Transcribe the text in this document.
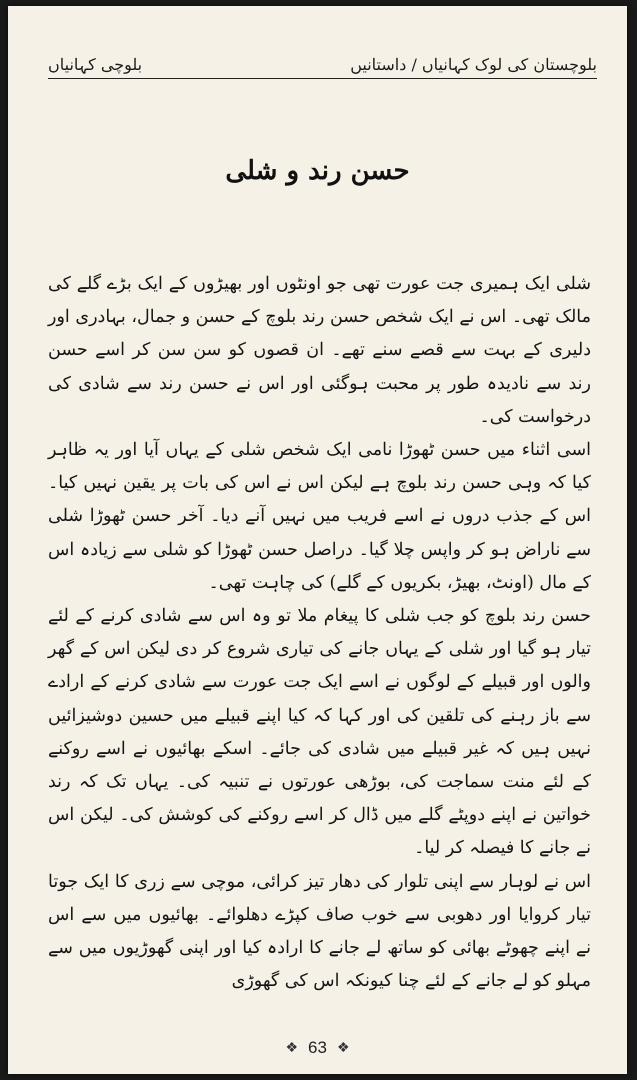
بلوچی کہانیاں	بلوچستان کی لوک کہانیاں / داستانیں
حسن رند و شلی

شلی ایک ہمیری جت عورت تھی جو اونٹوں اور بھیڑوں کے ایک بڑے گلے کی مالک تھی۔ اس نے ایک شخص حسن رند بلوچ کے حسن و جمال، بہادری اور دلیری کے بہت سے قصے سنے تھے۔ ان قصوں کو سن سن کر اسے حسن رند سے نادیدہ طور پر محبت ہوگئی اور اس نے حسن رند سے شادی کی درخواست کی۔

اسی اثناء میں حسن ٹھوڑا نامی ایک شخص شلی کے یہاں آیا اور یہ ظاہر کیا کہ وہی حسن رند بلوچ ہے لیکن اس نے اس کی بات پر یقین نہیں کیا۔ اس کے جذب دروں نے اسے فریب میں نہیں آنے دیا۔ آخر حسن ٹھوڑا شلی سے ناراض ہو کر واپس چلا گیا۔ دراصل حسن ٹھوڑا کو شلی سے زیادہ اس کے مال (اونٹ، بھیڑ، بکریوں کے گلے) کی چاہت تھی۔

حسن رند بلوچ کو جب شلی کا پیغام ملا تو وہ اس سے شادی کرنے کے لئے تیار ہو گیا اور شلی کے یہاں جانے کی تیاری شروع کر دی لیکن اس کے گھر والوں اور قبیلے کے لوگوں نے اسے ایک جت عورت سے شادی کرنے کے ارادے سے باز رہنے کی تلقین کی اور کہا کہ کیا اپنے قبیلے میں حسین دوشیزائیں نہیں ہیں کہ غیر قبیلے میں شادی کی جائے۔ اسکے بھائیوں نے اسے روکنے کے لئے منت سماجت کی، بوڑھی عورتوں نے تنبیہ کی۔ یہاں تک کہ رند خواتین نے اپنے دوپٹے گلے میں ڈال کر اسے روکنے کی کوشش کی۔ لیکن اس نے جانے کا فیصلہ کر لیا۔

اس نے لوہار سے اپنی تلوار کی دھار تیز کرائی، موچی سے زری کا ایک جوتا تیار کروایا اور دھوبی سے خوب صاف کپڑے دھلوائے۔ بھائیوں میں سے اس نے اپنے چھوٹے بھائی کو ساتھ لے جانے کا ارادہ کیا اور اپنی گھوڑیوں میں سے مہلو کو لے جانے کے لئے چنا کیونکہ اس کی گھوڑی

❖ 63 ❖
